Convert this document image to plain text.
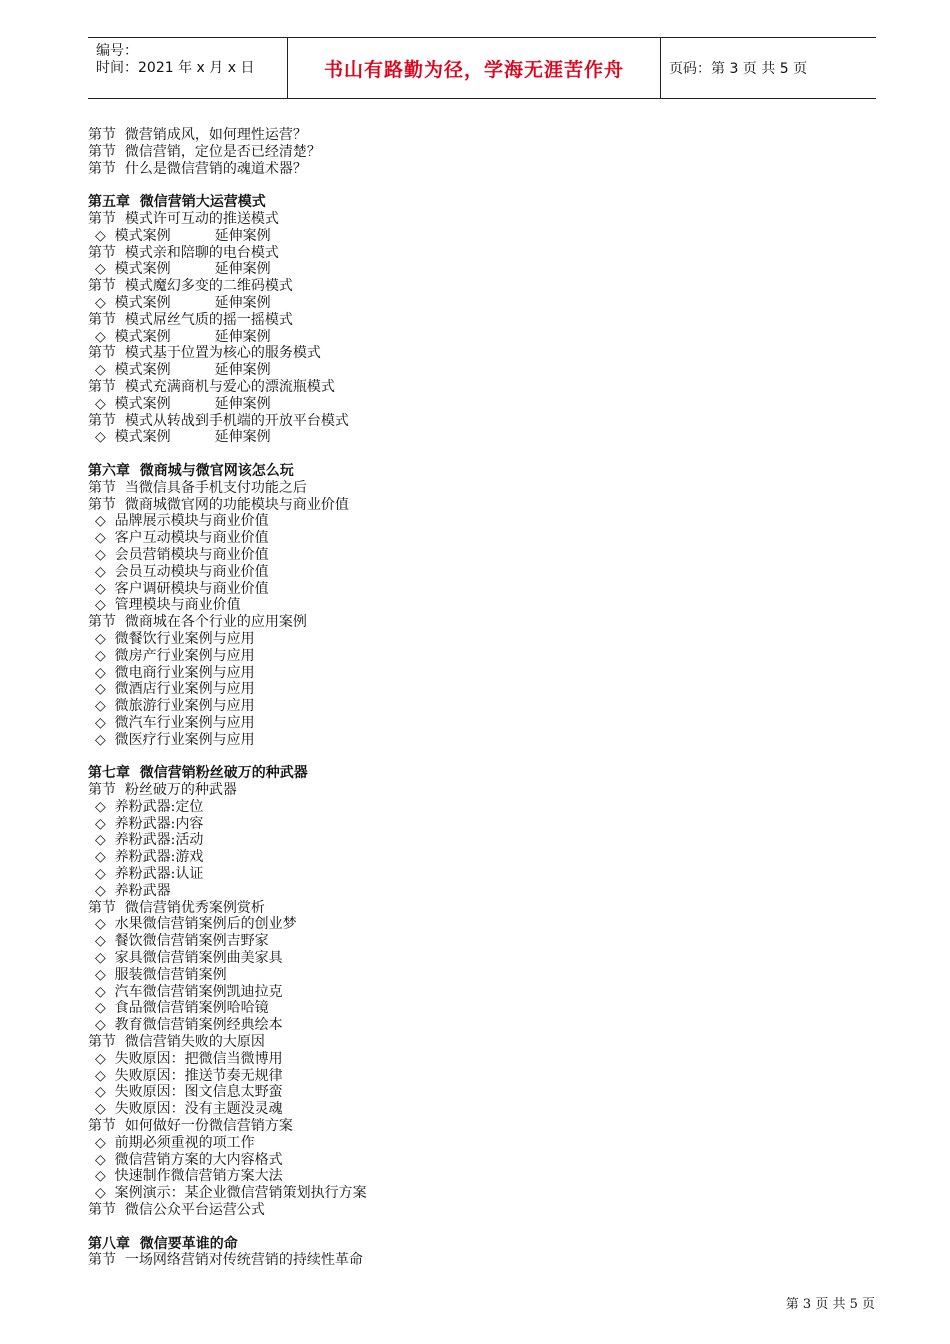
编号：
时间：2021 年 x 月 x 日	书山有路勤为径，学海无涯苦作舟	页码：第 3 页 共 5 页
第节  微营销成风，如何理性运营？
第节  微信营销，定位是否已经清楚？
第节  什么是微信营销的魂道术器？
第五章  微信营销大运营模式
第节  模式许可互动的推送模式
◇  模式案例	延伸案例
第节  模式亲和陪聊的电台模式
◇  模式案例	延伸案例
第节  模式魔幻多变的二维码模式
◇  模式案例	延伸案例
第节  模式屌丝气质的摇一摇模式
◇  模式案例	延伸案例
第节  模式基于位置为核心的服务模式
◇  模式案例	延伸案例
第节  模式充满商机与爱心的漂流瓶模式
◇  模式案例	延伸案例
第节  模式从转战到手机端的开放平台模式
◇  模式案例	延伸案例
第六章  微商城与微官网该怎么玩
第节  当微信具备手机支付功能之后
第节  微商城微官网的功能模块与商业价值
◇  品牌展示模块与商业价值
◇  客户互动模块与商业价值
◇  会员营销模块与商业价值
◇  会员互动模块与商业价值
◇  客户调研模块与商业价值
◇  管理模块与商业价值
第节  微商城在各个行业的应用案例
◇  微餐饮行业案例与应用
◇  微房产行业案例与应用
◇  微电商行业案例与应用
◇  微酒店行业案例与应用
◇  微旅游行业案例与应用
◇  微汽车行业案例与应用
◇  微医疗行业案例与应用
第七章  微信营销粉丝破万的种武器
第节  粉丝破万的种武器
◇  养粉武器:定位
◇  养粉武器:内容
◇  养粉武器:活动
◇  养粉武器:游戏
◇  养粉武器:认证
◇  养粉武器
第节  微信营销优秀案例赏析
◇  水果微信营销案例后的创业梦
◇  餐饮微信营销案例吉野家
◇  家具微信营销案例曲美家具
◇  服装微信营销案例
◇  汽车微信营销案例凯迪拉克
◇  食品微信营销案例哈哈镜
◇  教育微信营销案例经典绘本
第节  微信营销失败的大原因
◇  失败原因：把微信当微博用
◇  失败原因：推送节奏无规律
◇  失败原因：图文信息太野蛮
◇  失败原因：没有主题没灵魂
第节  如何做好一份微信营销方案
◇  前期必须重视的项工作
◇  微信营销方案的大内容格式
◇  快速制作微信营销方案大法
◇  案例演示：某企业微信营销策划执行方案
第节  微信公众平台运营公式
第八章  微信要革谁的命
第节  一场网络营销对传统营销的持续性革命
第 3 页 共 5 页
